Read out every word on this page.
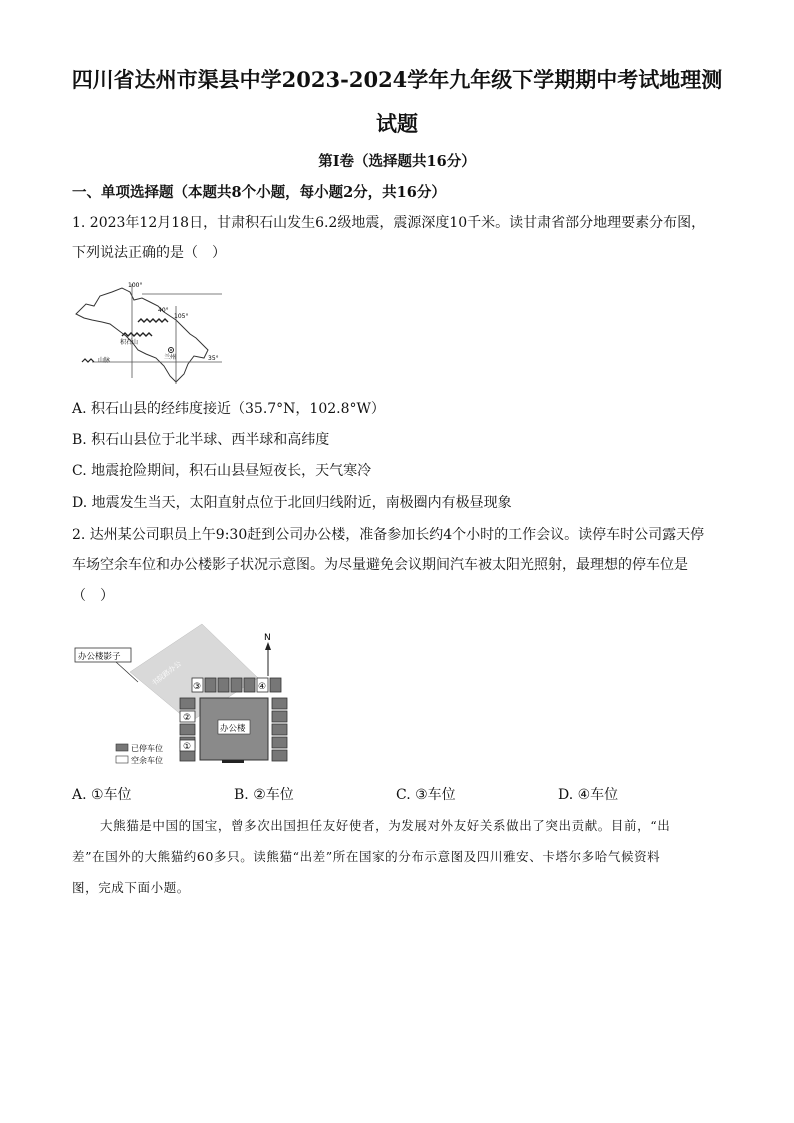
四川省达州市渠县中学2023-2024学年九年级下学期期中考试地理测
试题
第Ⅰ卷（选择题共16分）
一、单项选择题（本题共8个小题，每小题2分，共16分）
1. 2023年12月18日，甘肃积石山发生6.2级地震，震源深度10千米。读甘肃省部分地理要素分布图，
下列说法正确的是（　）
100°
105°
40°
35°
积石山
兰州
山脉
A. 积石山县的经纬度接近（35.7°N，102.8°W）
B. 积石山县位于北半球、西半球和高纬度
C. 地震抢险期间，积石山县昼短夜长，天气寒冷
D. 地震发生当天，太阳直射点位于北回归线附近，南极圈内有极昼现象
2. 达州某公司职员上午9:30赶到公司办公楼，准备参加长约4个小时的工作会议。读停车时公司露天停
车场空余车位和办公楼影子状况示意图。为尽量避免会议期间汽车被太阳光照射，最理想的停车位是
（　）
办公楼影子
书院路办公 ③	④
②
①
办公楼
N
已停车位
空余车位
A. ①车位	B. ②车位	C. ③车位	D. ④车位
大熊猫是中国的国宝，曾多次出国担任友好使者，为发展对外友好关系做出了突出贡献。目前，“出
差”在国外的大熊猫约60多只。读熊猫“出差”所在国家的分布示意图及四川雅安、卡塔尔多哈气候资料
图，完成下面小题。
